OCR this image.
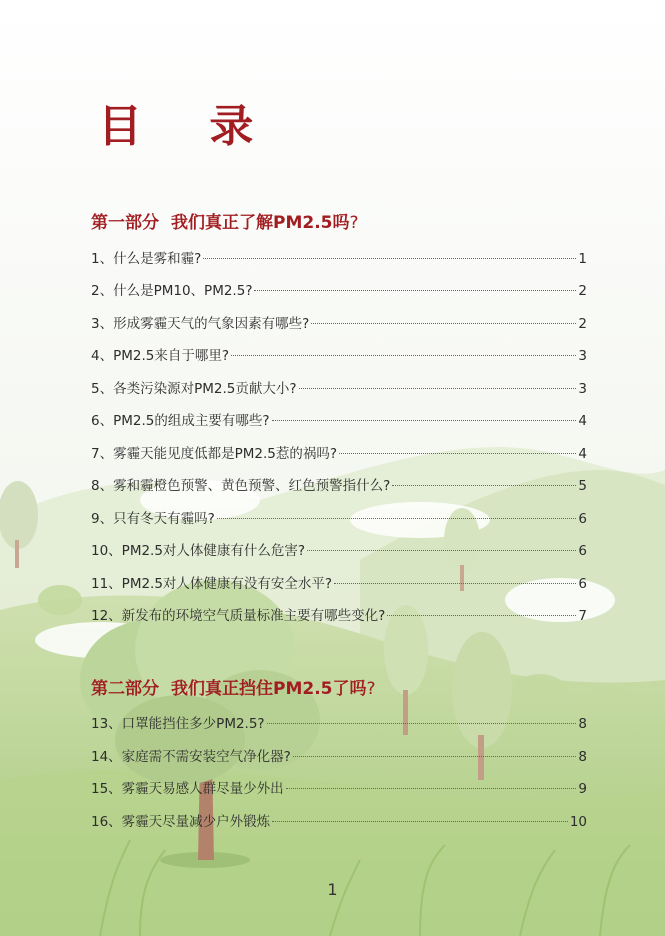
目 录
第一部分 我们真正了解PM2.5吗?
1、什么是雾和霾?	1
2、什么是PM10、PM2.5?	2
3、形成雾霾天气的气象因素有哪些?	2
4、PM2.5来自于哪里?	3
5、各类污染源对PM2.5贡献大小?	3
6、PM2.5的组成主要有哪些?	4
7、雾霾天能见度低都是PM2.5惹的祸吗?	4
8、雾和霾橙色预警、黄色预警、红色预警指什么?	5
9、只有冬天有霾吗?	6
10、PM2.5对人体健康有什么危害?	6
11、PM2.5对人体健康有没有安全水平?	6
12、新发布的环境空气质量标准主要有哪些变化?	7
第二部分 我们真正挡住PM2.5了吗?
13、口罩能挡住多少PM2.5?	8
14、家庭需不需安装空气净化器?	8
15、雾霾天易感人群尽量少外出	9
16、雾霾天尽量减少户外锻炼	10
1
